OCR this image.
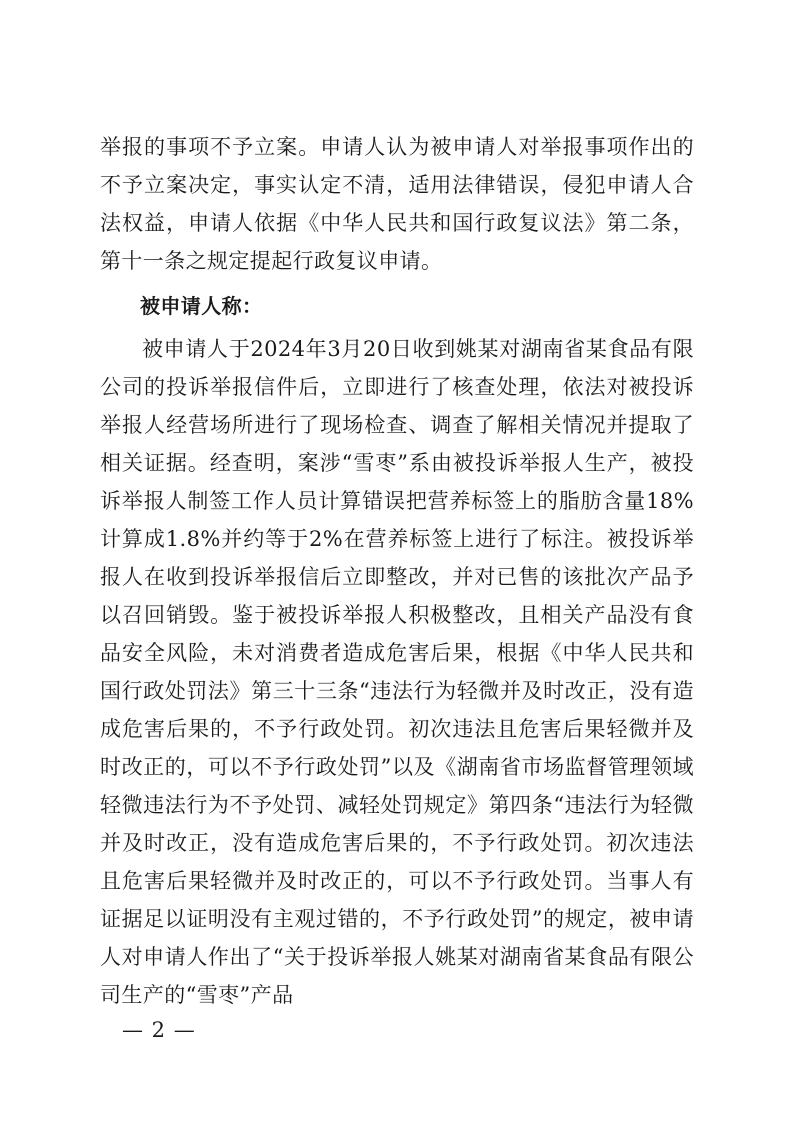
举报的事项不予立案。申请人认为被申请人对举报事项作出的不予立案决定，事实认定不清，适用法律错误，侵犯申请人合法权益，申请人依据《中华人民共和国行政复议法》第二条，第十一条之规定提起行政复议申请。
被申请人称：
被申请人于2024年3月20日收到姚某对湖南省某食品有限公司的投诉举报信件后，立即进行了核查处理，依法对被投诉举报人经营场所进行了现场检查、调查了解相关情况并提取了相关证据。经查明，案涉“雪枣”系由被投诉举报人生产，被投诉举报人制签工作人员计算错误把营养标签上的脂肪含量18%计算成1.8%并约等于2%在营养标签上进行了标注。被投诉举报人在收到投诉举报信后立即整改，并对已售的该批次产品予以召回销毁。鉴于被投诉举报人积极整改，且相关产品没有食品安全风险，未对消费者造成危害后果，根据《中华人民共和国行政处罚法》第三十三条“违法行为轻微并及时改正，没有造成危害后果的，不予行政处罚。初次违法且危害后果轻微并及时改正的，可以不予行政处罚”以及《湖南省市场监督管理领域轻微违法行为不予处罚、减轻处罚规定》第四条“违法行为轻微并及时改正，没有造成危害后果的，不予行政处罚。初次违法且危害后果轻微并及时改正的，可以不予行政处罚。当事人有证据足以证明没有主观过错的，不予行政处罚”的规定，被申请人对申请人作出了“关于投诉举报人姚某对湖南省某食品有限公司生产的“雪枣”产品
— 2 —
